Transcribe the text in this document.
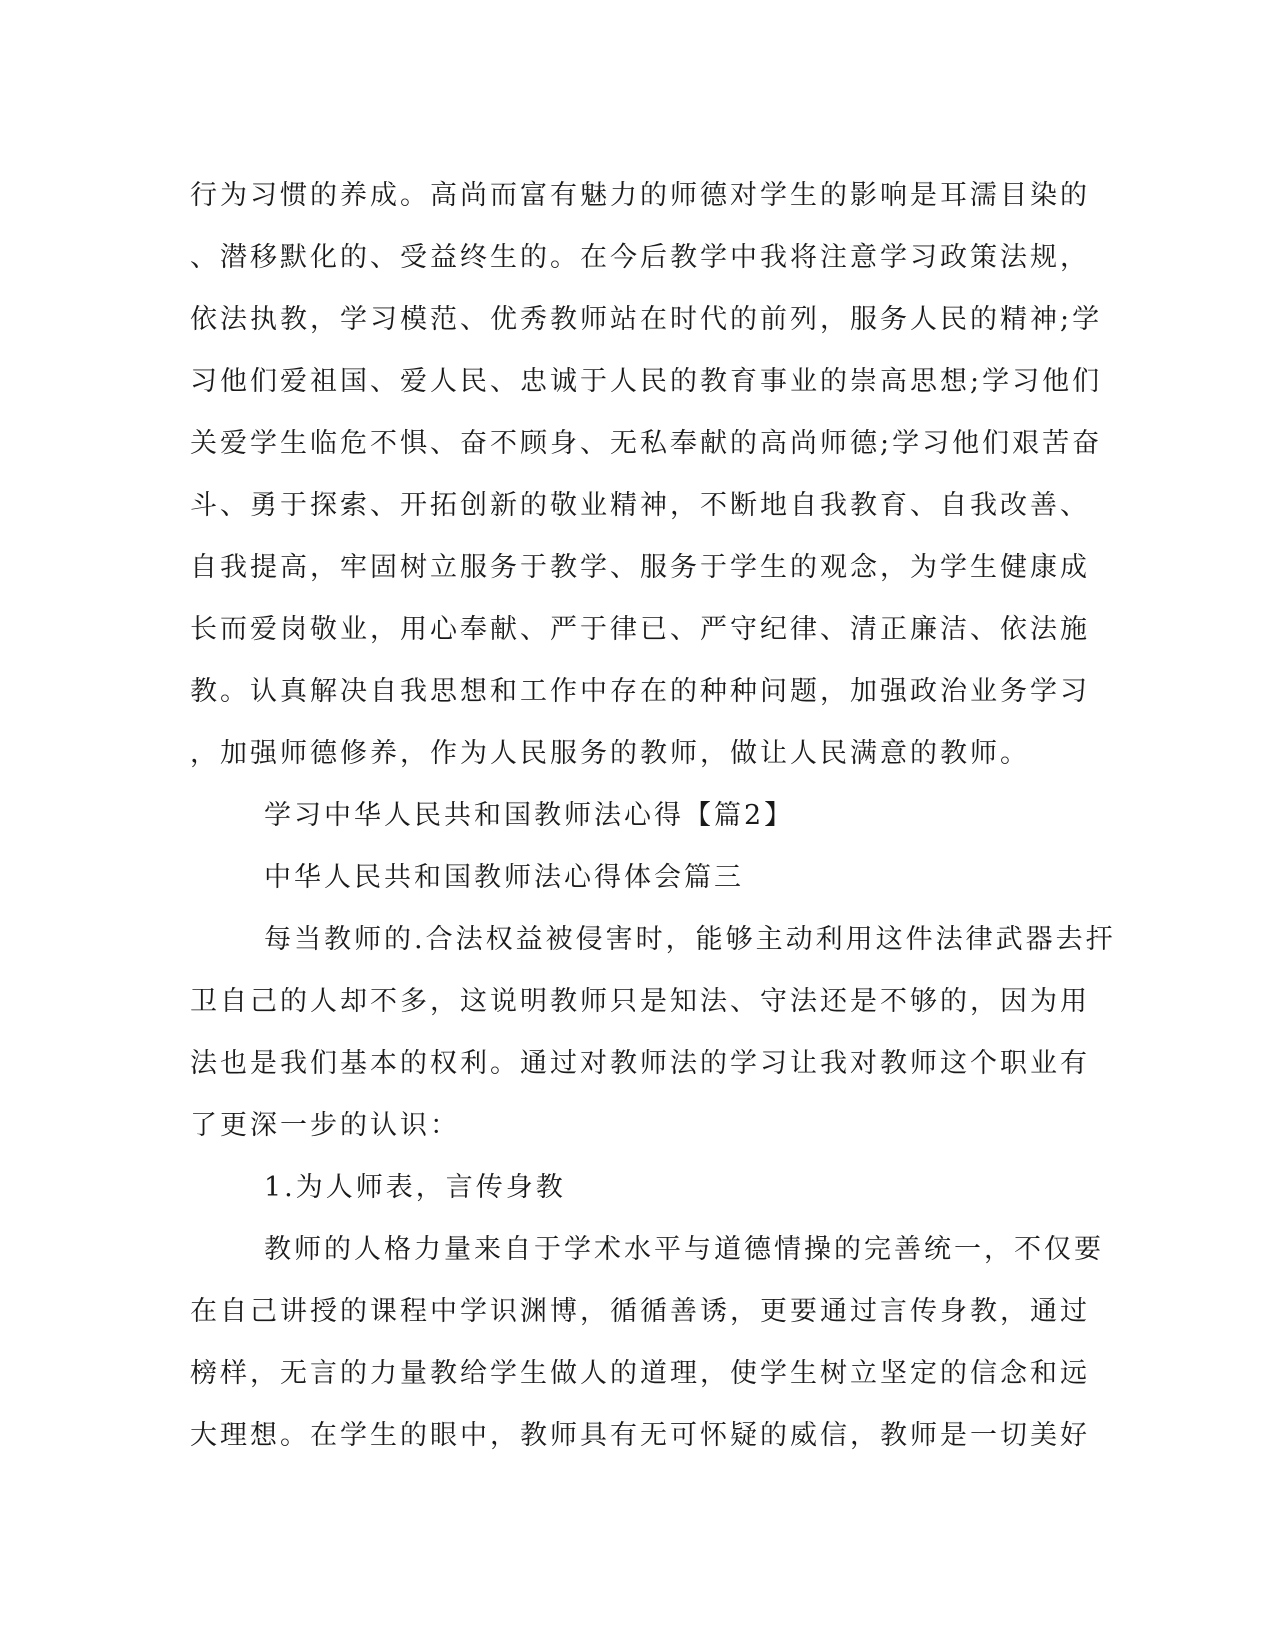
行为习惯的养成。高尚而富有魅力的师德对学生的影响是耳濡目染的
、潜移默化的、受益终生的。在今后教学中我将注意学习政策法规，
依法执教，学习模范、优秀教师站在时代的前列，服务人民的精神;学
习他们爱祖国、爱人民、忠诚于人民的教育事业的崇高思想;学习他们
关爱学生临危不惧、奋不顾身、无私奉献的高尚师德;学习他们艰苦奋
斗、勇于探索、开拓创新的敬业精神，不断地自我教育、自我改善、
自我提高，牢固树立服务于教学、服务于学生的观念，为学生健康成
长而爱岗敬业，用心奉献、严于律已、严守纪律、清正廉洁、依法施
教。认真解决自我思想和工作中存在的种种问题，加强政治业务学习
，加强师德修养，作为人民服务的教师，做让人民满意的教师。
学习中华人民共和国教师法心得【篇2】
中华人民共和国教师法心得体会篇三
每当教师的.合法权益被侵害时，能够主动利用这件法律武器去扞
卫自己的人却不多，这说明教师只是知法、守法还是不够的，因为用
法也是我们基本的权利。通过对教师法的学习让我对教师这个职业有
了更深一步的认识：
1.为人师表，言传身教
教师的人格力量来自于学术水平与道德情操的完善统一，不仅要
在自己讲授的课程中学识渊博，循循善诱，更要通过言传身教，通过
榜样，无言的力量教给学生做人的道理，使学生树立坚定的信念和远
大理想。在学生的眼中，教师具有无可怀疑的威信，教师是一切美好
